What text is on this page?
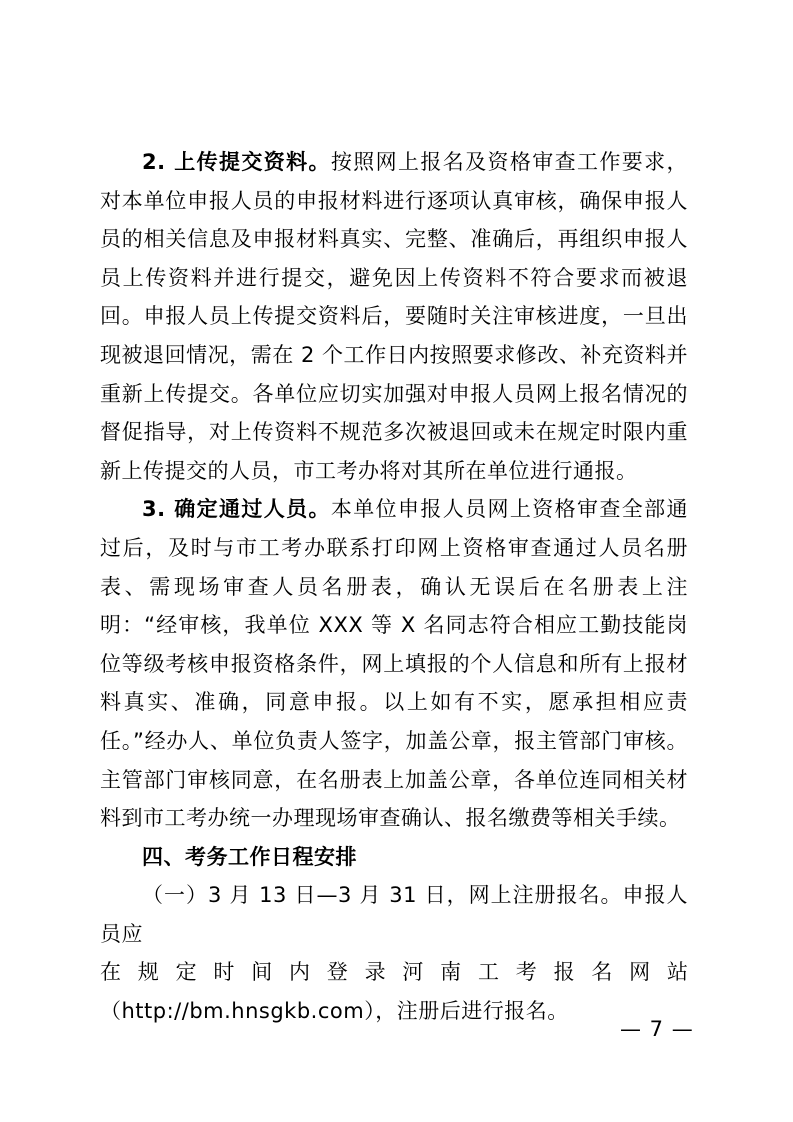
2. 上传提交资料。按照网上报名及资格审查工作要求，对本单位申报人员的申报材料进行逐项认真审核，确保申报人员的相关信息及申报材料真实、完整、准确后，再组织申报人员上传资料并进行提交，避免因上传资料不符合要求而被退回。申报人员上传提交资料后，要随时关注审核进度，一旦出现被退回情况，需在 2 个工作日内按照要求修改、补充资料并重新上传提交。各单位应切实加强对申报人员网上报名情况的督促指导，对上传资料不规范多次被退回或未在规定时限内重新上传提交的人员，市工考办将对其所在单位进行通报。

3. 确定通过人员。本单位申报人员网上资格审查全部通过后，及时与市工考办联系打印网上资格审查通过人员名册表、需现场审查人员名册表，确认无误后在名册表上注明：“经审核，我单位 XXX 等 X 名同志符合相应工勤技能岗位等级考核申报资格条件，网上填报的个人信息和所有上报材料真实、准确，同意申报。以上如有不实，愿承担相应责任。”经办人、单位负责人签字，加盖公章，报主管部门审核。主管部门审核同意，在名册表上加盖公章，各单位连同相关材料到市工考办统一办理现场审查确认、报名缴费等相关手续。

四、考务工作日程安排

（一）3 月 13 日—3 月 31 日，网上注册报名。申报人员应

在 规 定 时 间 内 登 录 河 南 工 考 报 名 网 站

（http://bm.hnsgkb.com），注册后进行报名。

— 7 —
